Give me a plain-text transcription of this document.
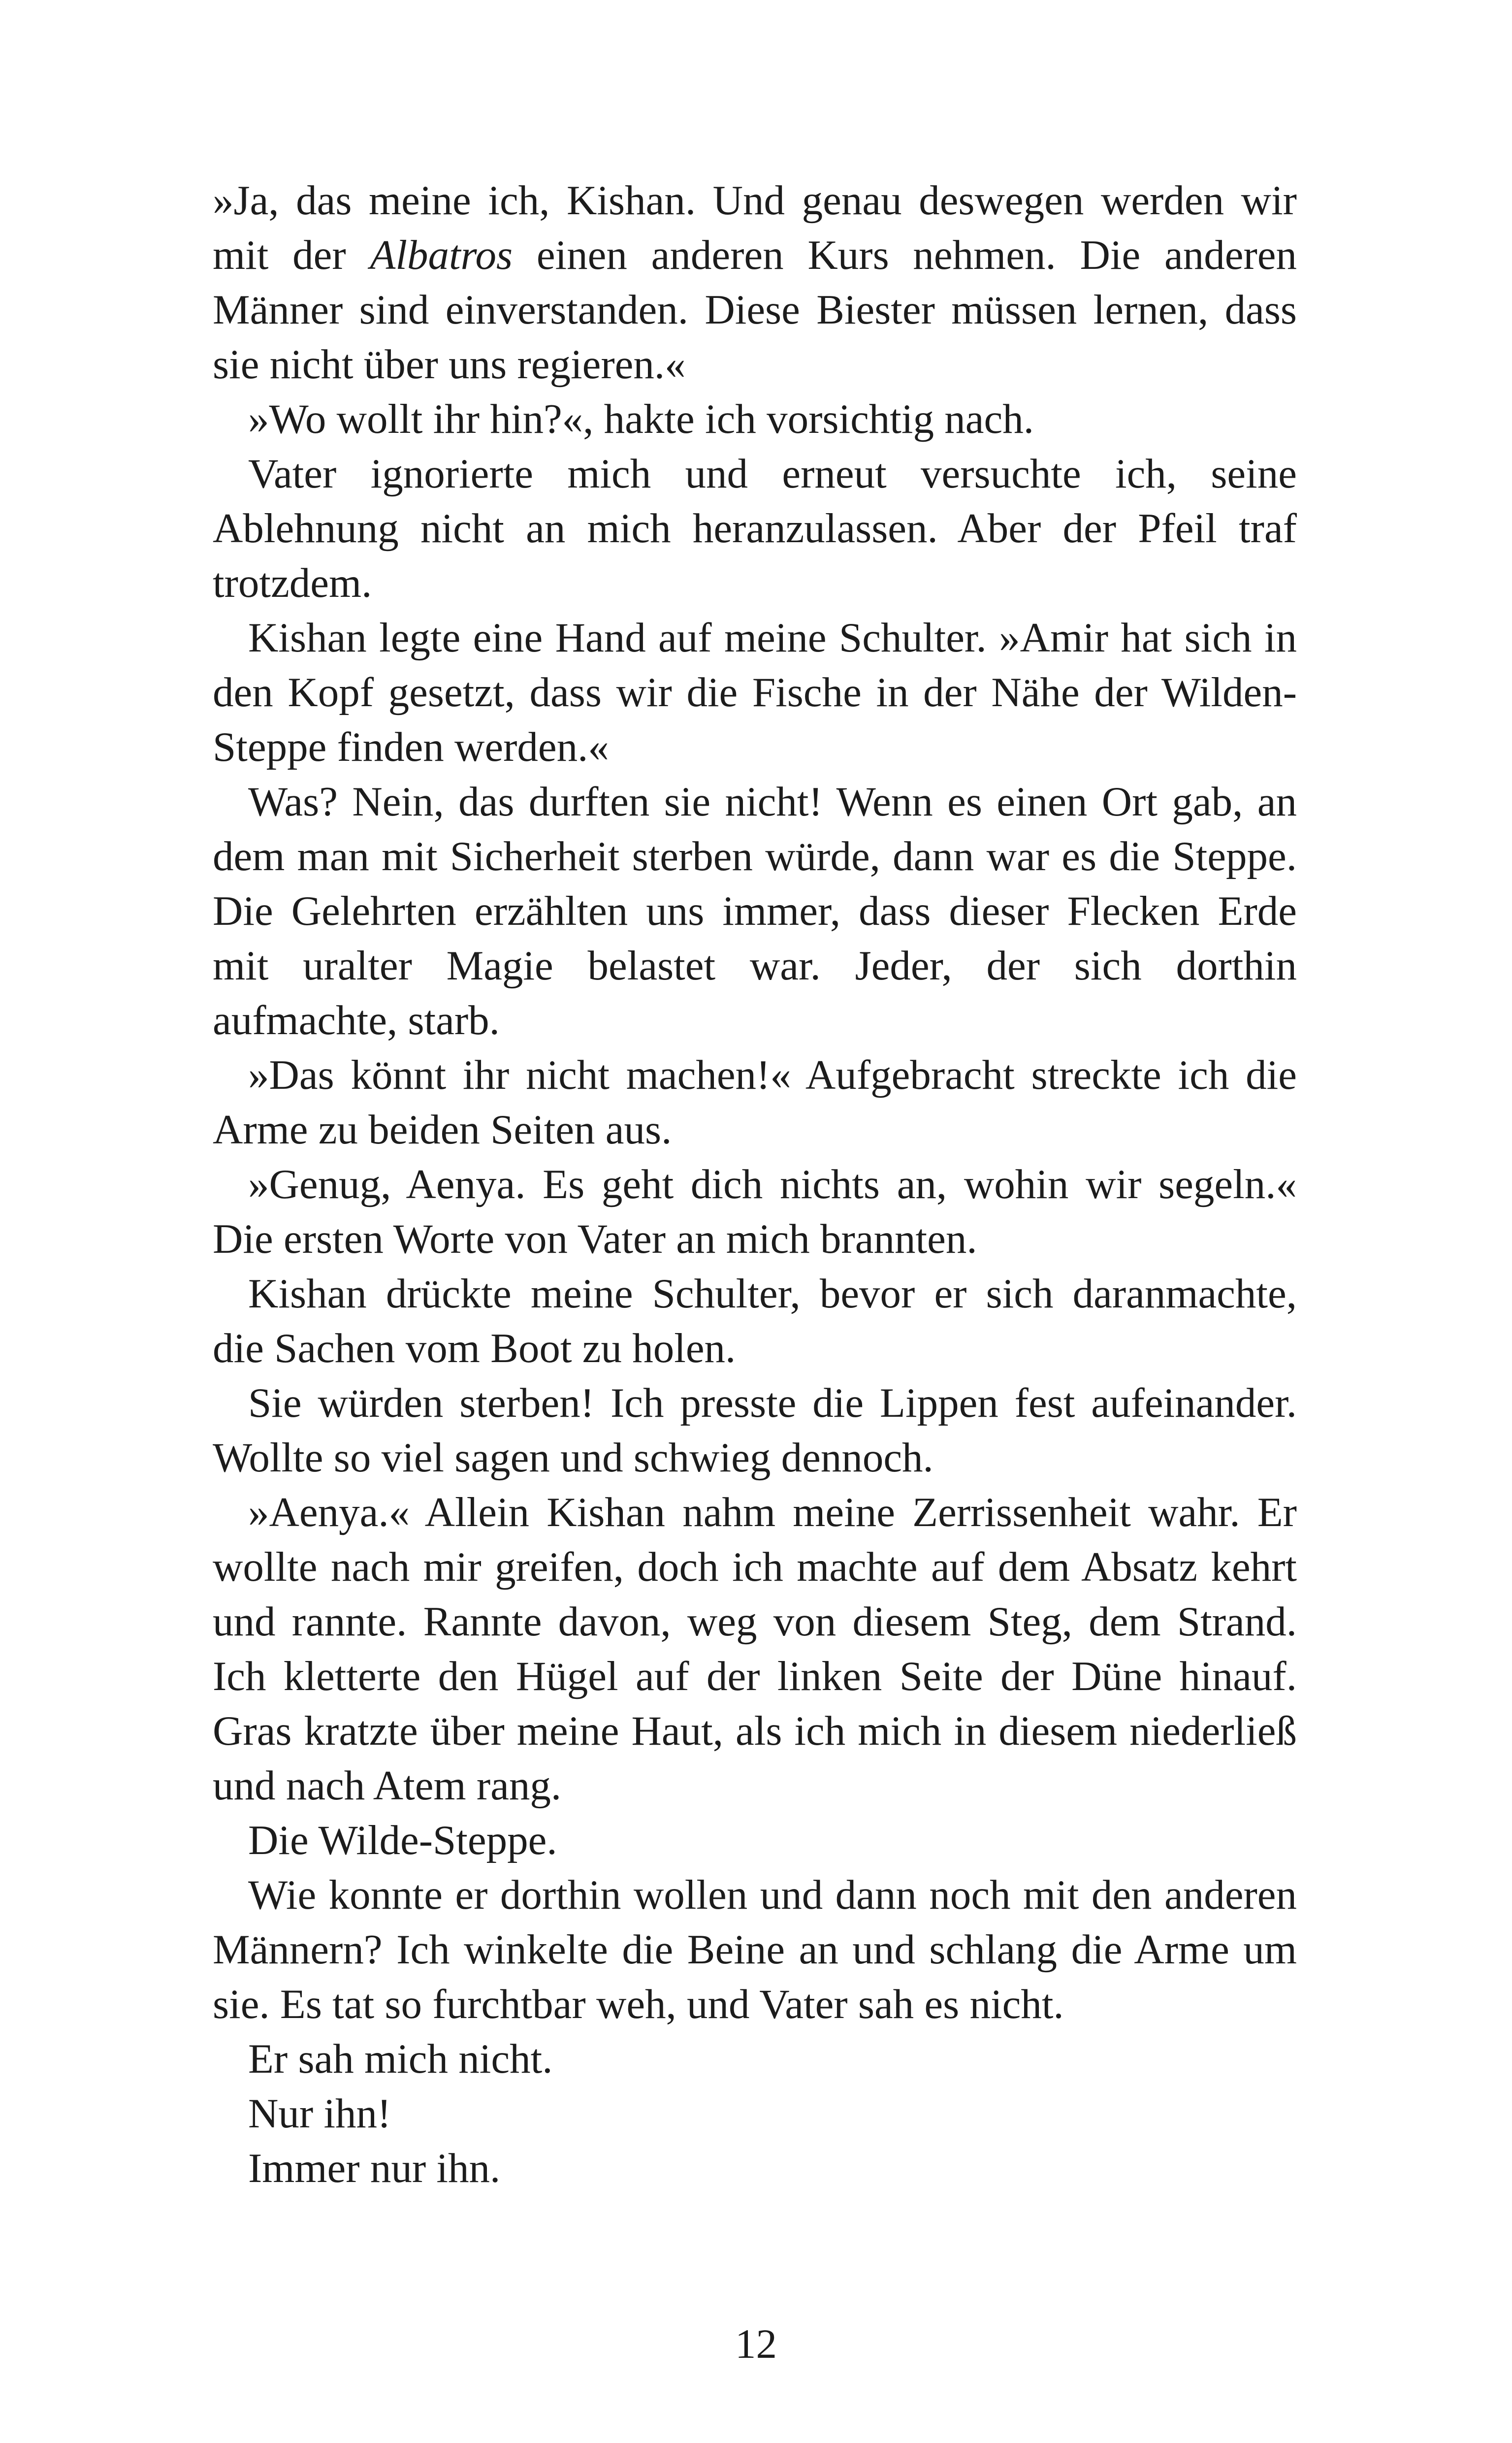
»Ja, das meine ich, Kishan. Und genau deswegen werden wir mit der Albatros einen anderen Kurs nehmen. Die anderen Männer sind einverstanden. Diese Biester müssen lernen, dass sie nicht über uns regieren.«

»Wo wollt ihr hin?«, hakte ich vorsichtig nach.

Vater ignorierte mich und erneut versuchte ich, seine Ablehnung nicht an mich heranzulassen. Aber der Pfeil traf trotzdem.

Kishan legte eine Hand auf meine Schulter. »Amir hat sich in den Kopf gesetzt, dass wir die Fische in der Nähe der Wilden-Steppe finden werden.«

Was? Nein, das durften sie nicht! Wenn es einen Ort gab, an dem man mit Sicherheit sterben würde, dann war es die Steppe. Die Gelehrten erzählten uns immer, dass dieser Flecken Erde mit uralter Magie belastet war. Jeder, der sich dorthin aufmachte, starb.

»Das könnt ihr nicht machen!« Aufgebracht streckte ich die Arme zu beiden Seiten aus.

»Genug, Aenya. Es geht dich nichts an, wohin wir segeln.« Die ersten Worte von Vater an mich brannten.

Kishan drückte meine Schulter, bevor er sich daranmachte, die Sachen vom Boot zu holen.

Sie würden sterben! Ich presste die Lippen fest aufeinander. Wollte so viel sagen und schwieg dennoch.

»Aenya.« Allein Kishan nahm meine Zerrissenheit wahr. Er wollte nach mir greifen, doch ich machte auf dem Absatz kehrt und rannte. Rannte davon, weg von diesem Steg, dem Strand. Ich kletterte den Hügel auf der linken Seite der Düne hinauf. Gras kratzte über meine Haut, als ich mich in diesem niederließ und nach Atem rang.

Die Wilde-Steppe.

Wie konnte er dorthin wollen und dann noch mit den anderen Männern? Ich winkelte die Beine an und schlang die Arme um sie. Es tat so furchtbar weh, und Vater sah es nicht.

Er sah mich nicht.

Nur ihn!

Immer nur ihn.

12
